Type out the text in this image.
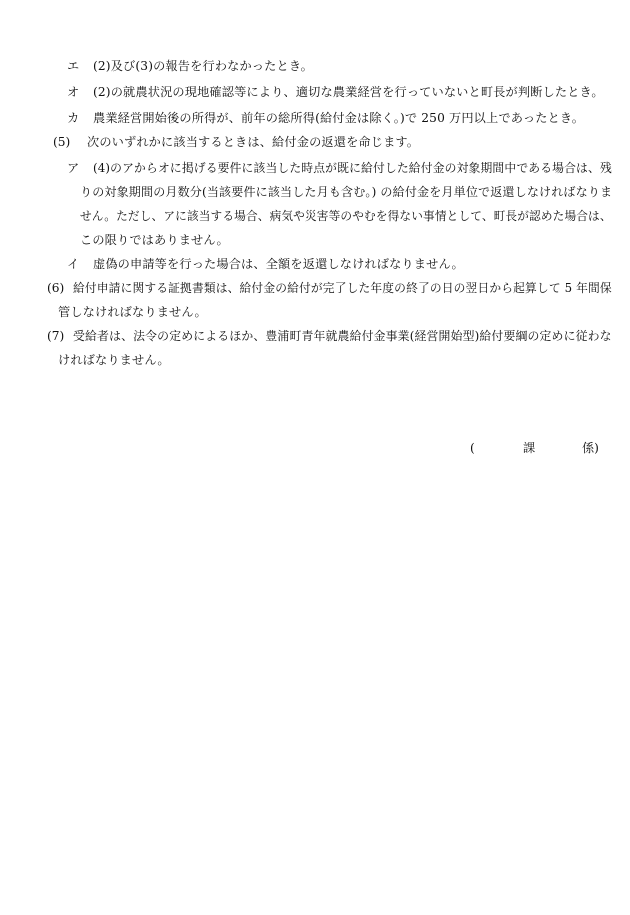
エ (2)及び(3)の報告を行わなかったとき。
オ (2)の就農状況の現地確認等により、適切な農業経営を行っていないと町長が判断したとき。
カ 農業経営開始後の所得が、前年の総所得(給付金は除く。)で 250 万円以上であったとき。
(5) 次のいずれかに該当するときは、給付金の返還を命じます。
ア (4)のアからオに掲げる要件に該当した時点が既に給付した給付金の対象期間中である場合は、残
りの対象期間の月数分(当該要件に該当した月も含む。) の給付金を月単位で返還しなければなりま
せん。ただし、アに該当する場合、病気や災害等のやむを得ない事情として、町長が認めた場合は、
この限りではありません。
イ 虚偽の申請等を行った場合は、全額を返還しなければなりません。
(6) 給付申請に関する証拠書類は、給付金の給付が完了した年度の終了の日の翌日から起算して 5 年間保
管しなければなりません。
(7) 受給者は、法令の定めによるほか、豊浦町青年就農給付金事業(経営開始型)給付要綱の定めに従わな
ければなりません。
(	課	係)
